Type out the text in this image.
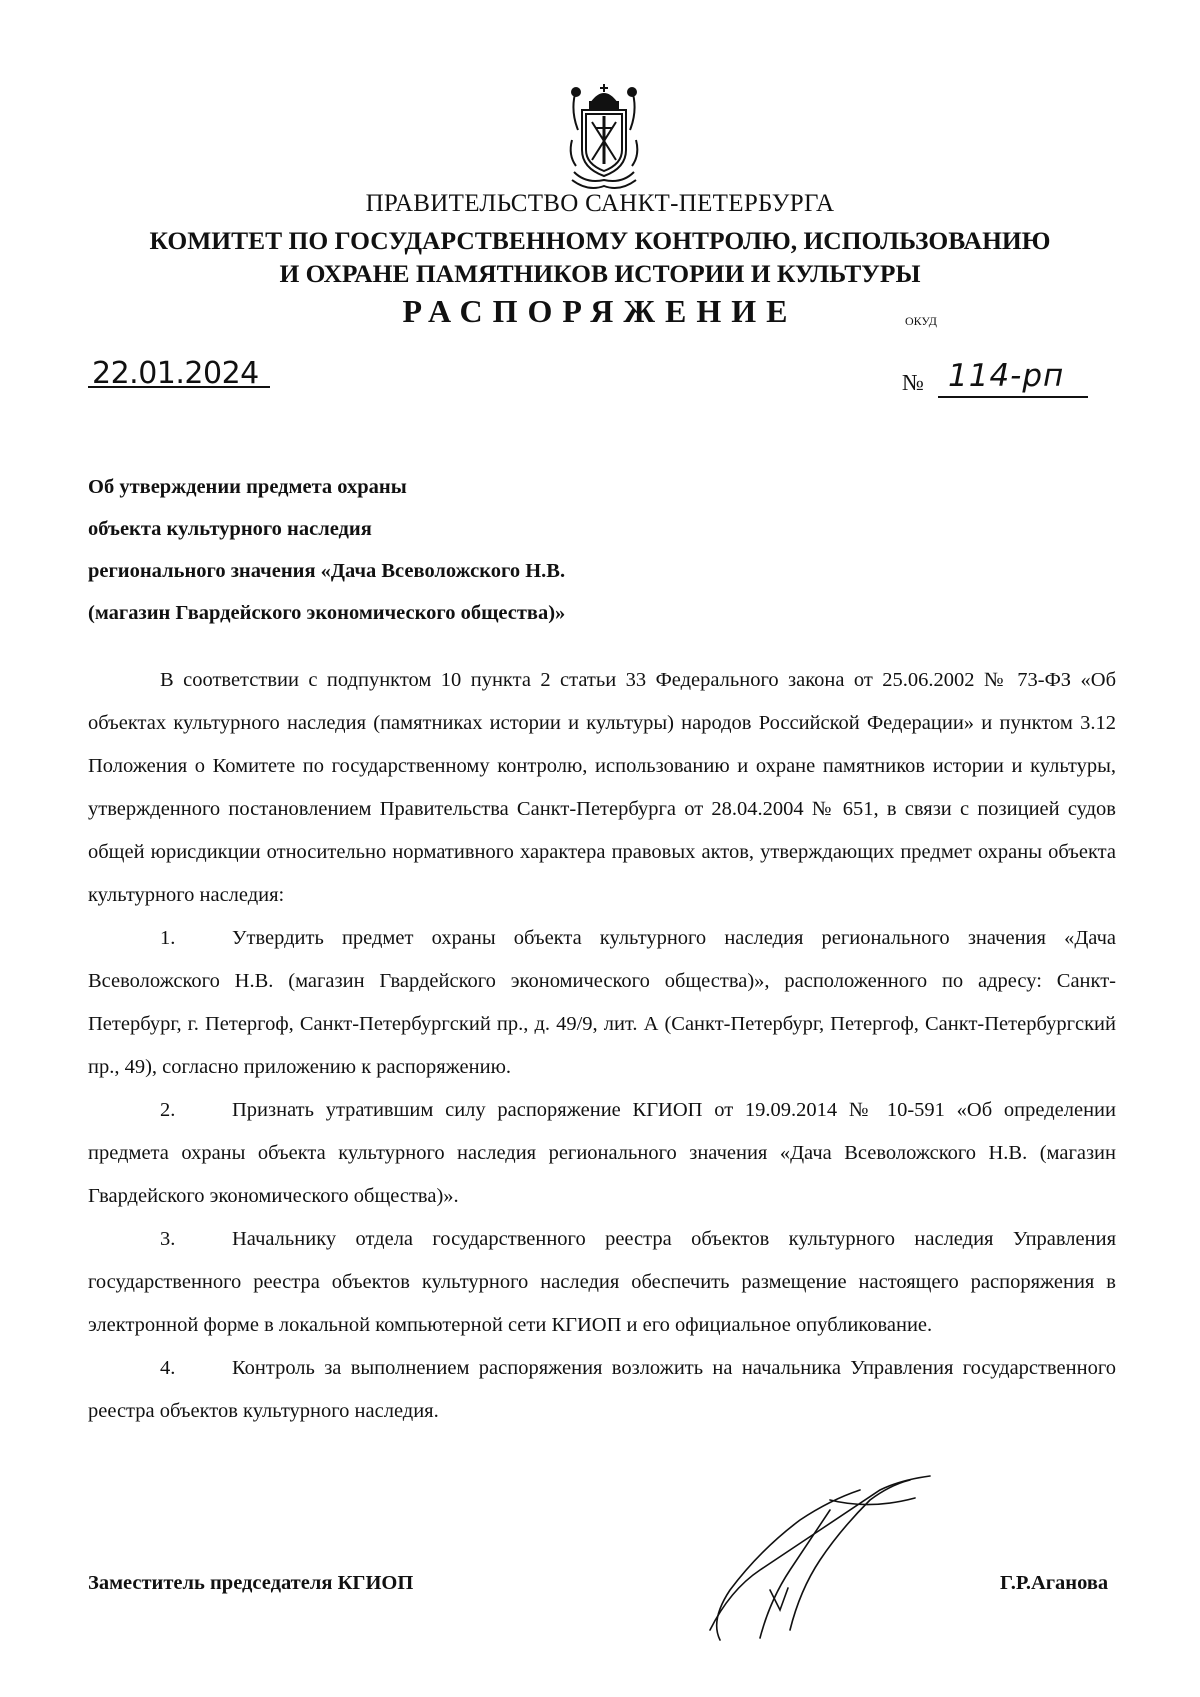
ПРАВИТЕЛЬСТВО САНКТ-ПЕТЕРБУРГА
КОМИТЕТ ПО ГОСУДАРСТВЕННОМУ КОНТРОЛЮ, ИСПОЛЬЗОВАНИЮ
И ОХРАНЕ ПАМЯТНИКОВ ИСТОРИИ И КУЛЬТУРЫ
РАСПОРЯЖЕНИЕ	ОКУД
22.01.2024	№ 114-рп
Об утверждении предмета охраны
объекта культурного наследия
регионального значения «Дача Всеволожского Н.В.
(магазин Гвардейского экономического общества)»

В соответствии с подпунктом 10 пункта 2 статьи 33 Федерального закона от 25.06.2002 № 73-ФЗ «Об объектах культурного наследия (памятниках истории и культуры) народов Российской Федерации» и пунктом 3.12 Положения о Комитете по государственному контролю, использованию и охране памятников истории и культуры, утвержденного постановлением Правительства Санкт-Петербурга от 28.04.2004 № 651, в связи с позицией судов общей юрисдикции относительно нормативного характера правовых актов, утверждающих предмет охраны объекта культурного наследия:

1.	Утвердить предмет охраны объекта культурного наследия регионального значения «Дача Всеволожского Н.В. (магазин Гвардейского экономического общества)», расположенного по адресу: Санкт-Петербург, г. Петергоф, Санкт-Петербургский пр., д. 49/9, лит. А (Санкт-Петербург, Петергоф, Санкт-Петербургский пр., 49), согласно приложению к распоряжению.

2.	Признать утратившим силу распоряжение КГИОП от 19.09.2014 № 10-591 «Об определении предмета охраны объекта культурного наследия регионального значения «Дача Всеволожского Н.В. (магазин Гвардейского экономического общества)».

3.	Начальнику отдела государственного реестра объектов культурного наследия Управления государственного реестра объектов культурного наследия обеспечить размещение настоящего распоряжения в электронной форме в локальной компьютерной сети КГИОП и его официальное опубликование.

4.	Контроль за выполнением распоряжения возложить на начальника Управления государственного реестра объектов культурного наследия.

Заместитель председателя КГИОП	Г.Р.Аганова
